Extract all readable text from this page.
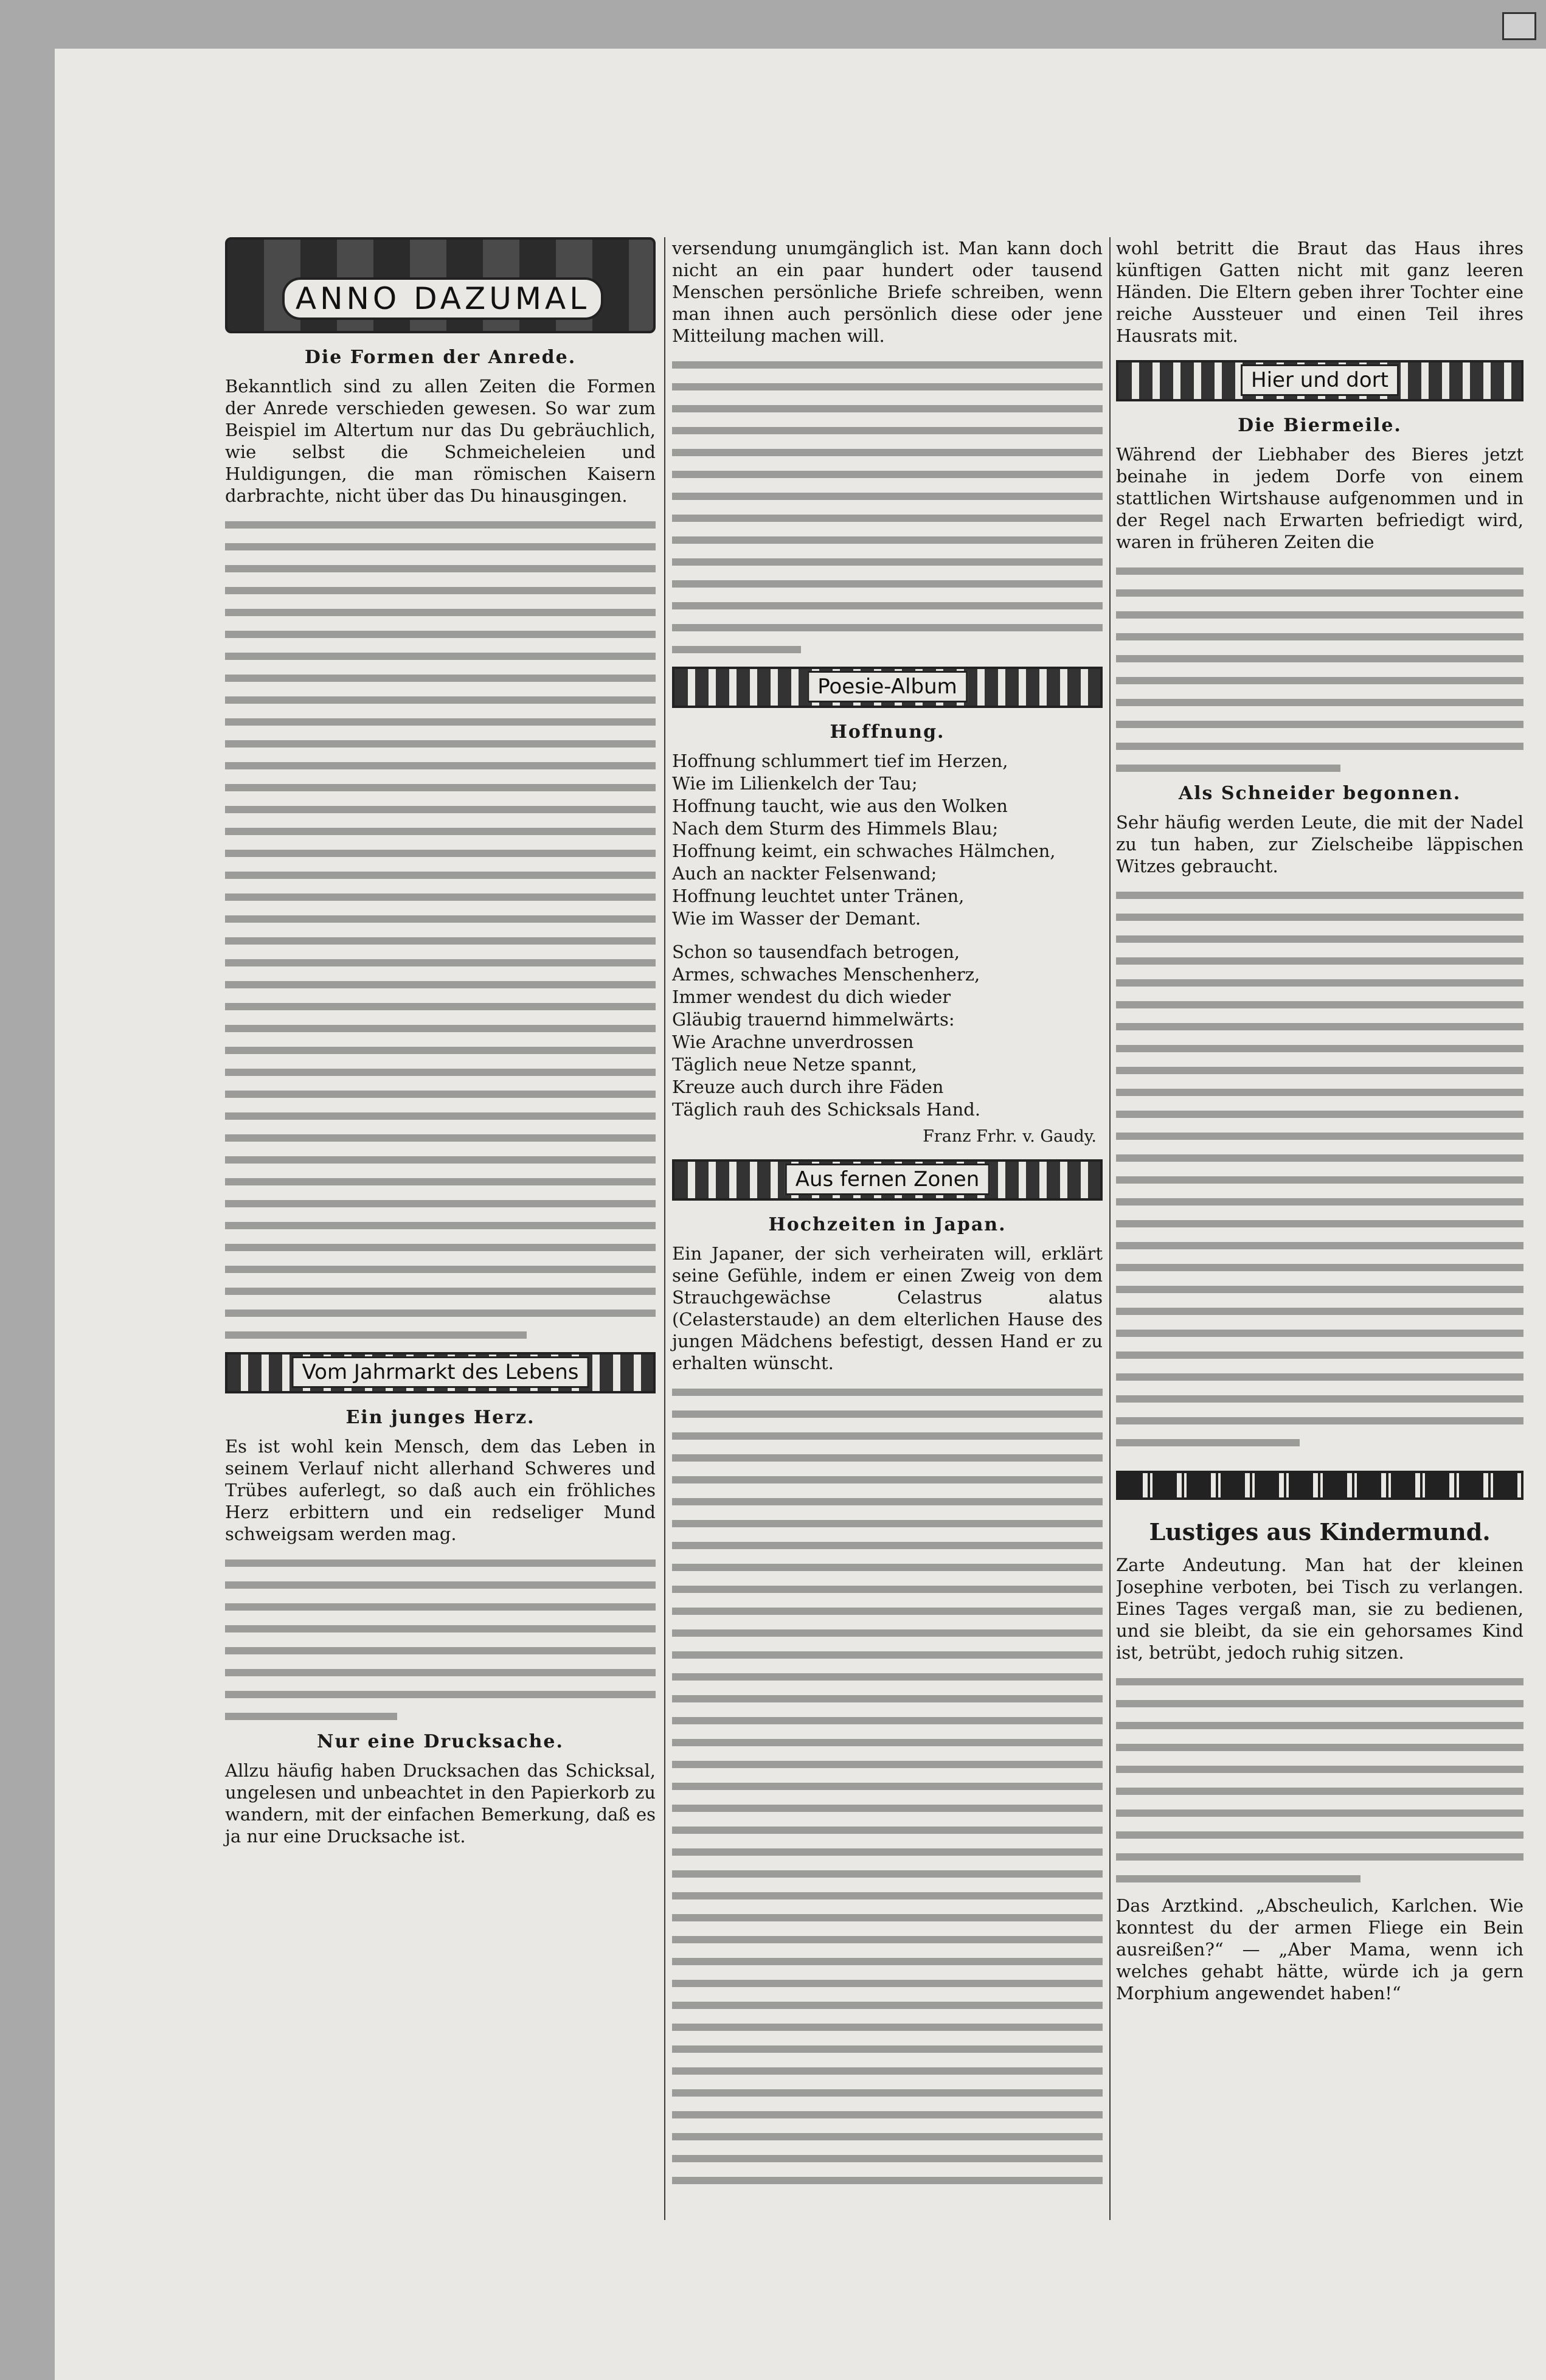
ANNO DAZUMAL
Die Formen der Anrede.

Bekanntlich sind zu allen Zeiten die Formen der Anrede verschieden gewesen. So war zum Beispiel im Altertum nur das Du gebräuchlich, wie selbst die Schmeicheleien und Huldigungen, die man römischen Kaisern darbrachte, nicht über das Du hinausgingen.

Vom Jahrmarkt des Lebens
Ein junges Herz.

Es ist wohl kein Mensch, dem das Leben in seinem Verlauf nicht allerhand Schweres und Trübes auferlegt, so daß auch ein fröhliches Herz erbittern und ein redseliger Mund schweigsam werden mag.

Nur eine Drucksache.

Allzu häufig haben Drucksachen das Schicksal, ungelesen und unbeachtet in den Papierkorb zu wandern, mit der einfachen Bemerkung, daß es ja nur eine Drucksache ist.

versendung unumgänglich ist. Man kann doch nicht an ein paar hundert oder tausend Menschen persönliche Briefe schreiben, wenn man ihnen auch persönlich diese oder jene Mitteilung machen will.

Poesie-Album
Hoffnung.
Hoffnung schlummert tief im Herzen,
Wie im Lilienkelch der Tau;
Hoffnung taucht, wie aus den Wolken
Nach dem Sturm des Himmels Blau;
Hoffnung keimt, ein schwaches Hälmchen,
Auch an nackter Felsenwand;
Hoffnung leuchtet unter Tränen,
Wie im Wasser der Demant.
Schon so tausendfach betrogen,
Armes, schwaches Menschenherz,
Immer wendest du dich wieder
Gläubig trauernd himmelwärts:
Wie Arachne unverdrossen
Täglich neue Netze spannt,
Kreuze auch durch ihre Fäden
Täglich rauh des Schicksals Hand.
Franz Frhr. v. Gaudy.
Aus fernen Zonen
Hochzeiten in Japan.

Ein Japaner, der sich verheiraten will, erklärt seine Gefühle, indem er einen Zweig von dem Strauchgewächse Celastrus alatus (Celasterstaude) an dem elterlichen Hause des jungen Mädchens befestigt, dessen Hand er zu erhalten wünscht.

wohl betritt die Braut das Haus ihres künftigen Gatten nicht mit ganz leeren Händen. Die Eltern geben ihrer Tochter eine reiche Aussteuer und einen Teil ihres Hausrats mit.

Hier und dort
Die Biermeile.

Während der Liebhaber des Bieres jetzt beinahe in jedem Dorfe von einem stattlichen Wirtshause aufgenommen und in der Regel nach Erwarten befriedigt wird, waren in früheren Zeiten die

Als Schneider begonnen.

Sehr häufig werden Leute, die mit der Nadel zu tun haben, zur Zielscheibe läppischen Witzes gebraucht.

Lustiges aus Kindermund.

Zarte Andeutung. Man hat der kleinen Josephine verboten, bei Tisch zu verlangen. Eines Tages vergaß man, sie zu bedienen, und sie bleibt, da sie ein gehorsames Kind ist, betrübt, jedoch ruhig sitzen.

Das Arztkind. „Abscheulich, Karlchen. Wie konntest du der armen Fliege ein Bein ausreißen?“ — „Aber Mama, wenn ich welches gehabt hätte, würde ich ja gern Morphium angewendet haben!“
